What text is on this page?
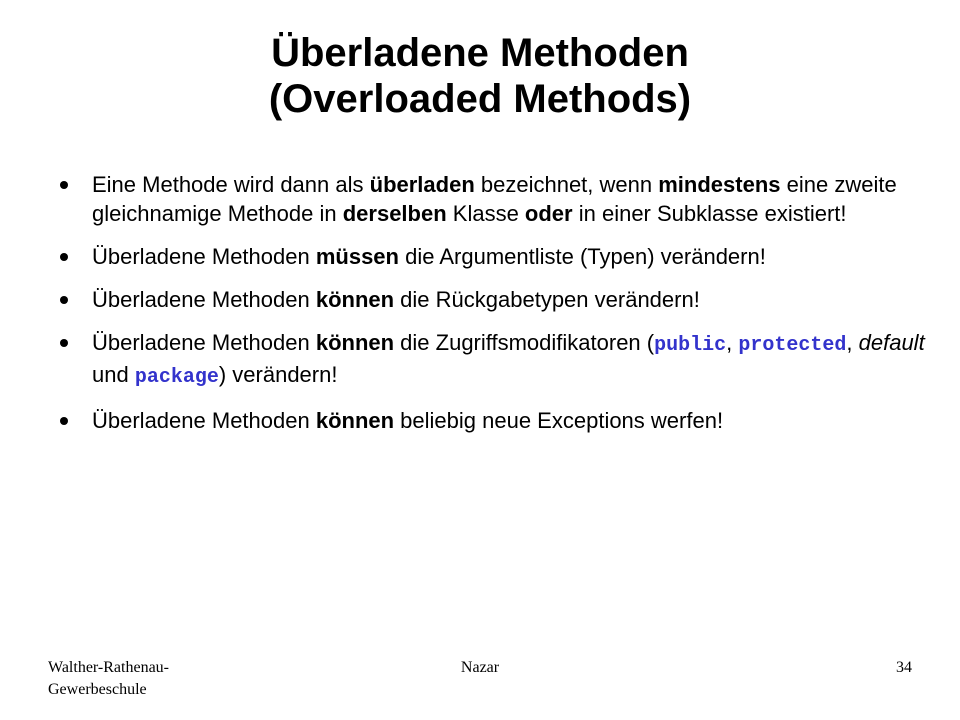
Überladene Methoden
(Overloaded Methods)
Eine Methode wird dann als überladen bezeichnet, wenn mindestens eine zweite gleichnamige Methode in derselben Klasse oder in einer Subklasse existiert!
Überladene Methoden müssen die Argumentliste (Typen) verändern!
Überladene Methoden können die Rückgabetypen verändern!
Überladene Methoden können die Zugriffsmodifikatoren (public, protected, default und package) verändern!
Überladene Methoden können beliebig neue Exceptions werfen!
Walther-Rathenau-
Gewerbeschule
Nazar	34
